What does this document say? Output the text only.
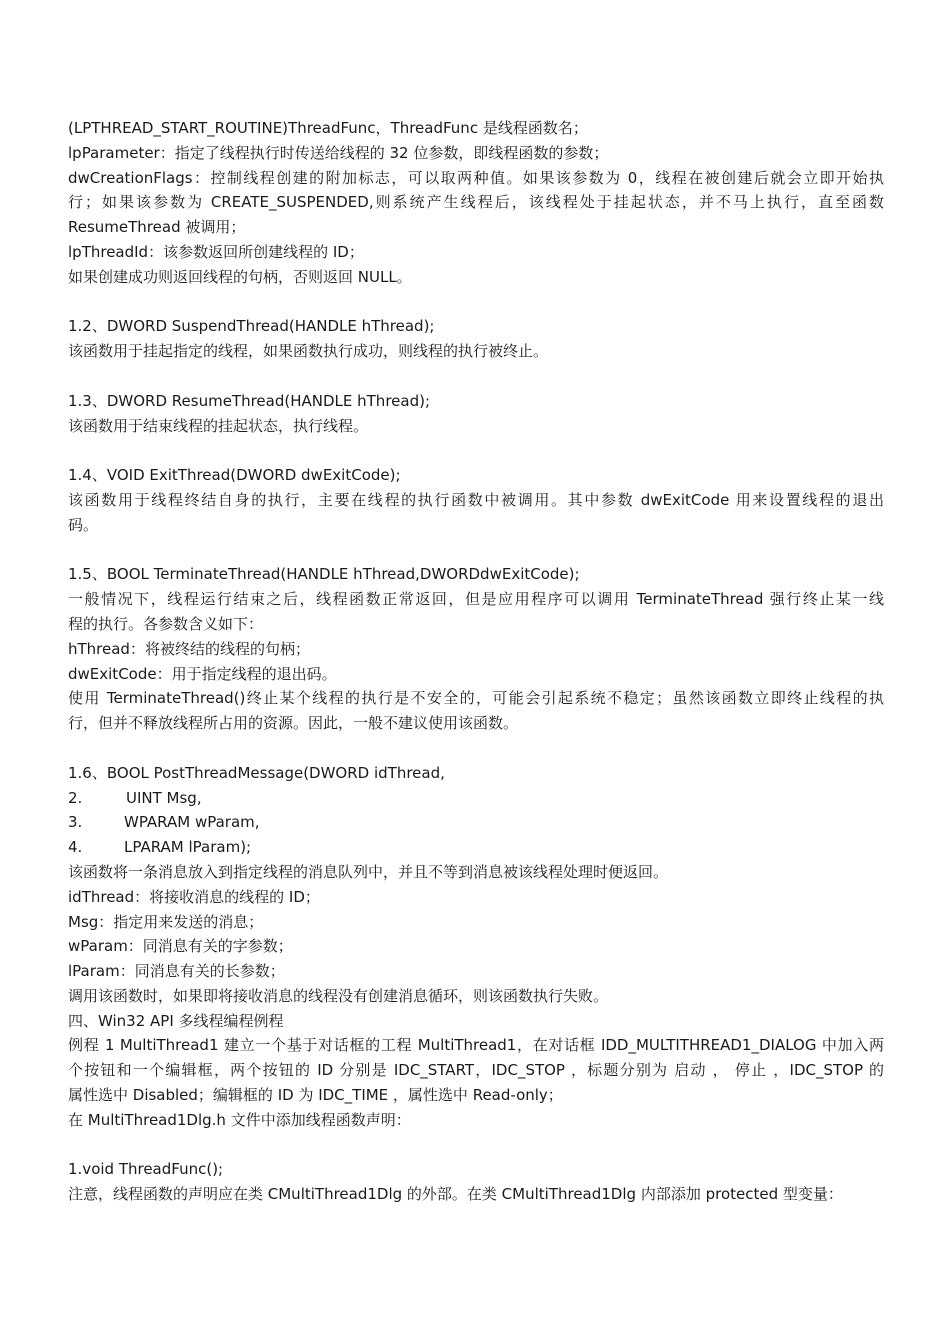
(LPTHREAD_START_ROUTINE)ThreadFunc，ThreadFunc 是线程函数名；
lpParameter：指定了线程执行时传送给线程的 32 位参数，即线程函数的参数；
dwCreationFlags：控制线程创建的附加标志，可以取两种值。如果该参数为 0，线程在被创建后就会立即开始执
行；如果该参数为 CREATE_SUSPENDED,则系统产生线程后，该线程处于挂起状态，并不马上执行，直至函数
ResumeThread 被调用；
lpThreadId：该参数返回所创建线程的 ID；
如果创建成功则返回线程的句柄，否则返回 NULL。
1.2、DWORD SuspendThread(HANDLE hThread);
该函数用于挂起指定的线程，如果函数执行成功，则线程的执行被终止。
1.3、DWORD ResumeThread(HANDLE hThread);
该函数用于结束线程的挂起状态，执行线程。
1.4、VOID ExitThread(DWORD dwExitCode);
该函数用于线程终结自身的执行，主要在线程的执行函数中被调用。其中参数 dwExitCode 用来设置线程的退出
码。
1.5、BOOL TerminateThread(HANDLE hThread,DWORDdwExitCode);
一般情况下，线程运行结束之后，线程函数正常返回，但是应用程序可以调用 TerminateThread 强行终止某一线
程的执行。各参数含义如下：
hThread：将被终结的线程的句柄；
dwExitCode：用于指定线程的退出码。
使用 TerminateThread()终止某个线程的执行是不安全的，可能会引起系统不稳定；虽然该函数立即终止线程的执
行，但并不释放线程所占用的资源。因此，一般不建议使用该函数。
1.6、BOOL PostThreadMessage(DWORD idThread,
2.	UINT Msg,
3.	WPARAM wParam,
4.	LPARAM lParam);
该函数将一条消息放入到指定线程的消息队列中，并且不等到消息被该线程处理时便返回。
idThread：将接收消息的线程的 ID；
Msg：指定用来发送的消息；
wParam：同消息有关的字参数；
lParam：同消息有关的长参数；
调用该函数时，如果即将接收消息的线程没有创建消息循环，则该函数执行失败。
四、Win32 API 多线程编程例程
例程 1 MultiThread1 建立一个基于对话框的工程 MultiThread1，在对话框 IDD_MULTITHREAD1_DIALOG 中加入两
个按钮和一个编辑框，两个按钮的 ID 分别是 IDC_START，IDC_STOP ，标题分别为 启动 ， 停止 ，IDC_STOP 的
属性选中 Disabled；编辑框的 ID 为 IDC_TIME ，属性选中 Read-only；
在 MultiThread1Dlg.h 文件中添加线程函数声明：
1.void ThreadFunc();
注意，线程函数的声明应在类 CMultiThread1Dlg 的外部。在类 CMultiThread1Dlg 内部添加 protected 型变量：
